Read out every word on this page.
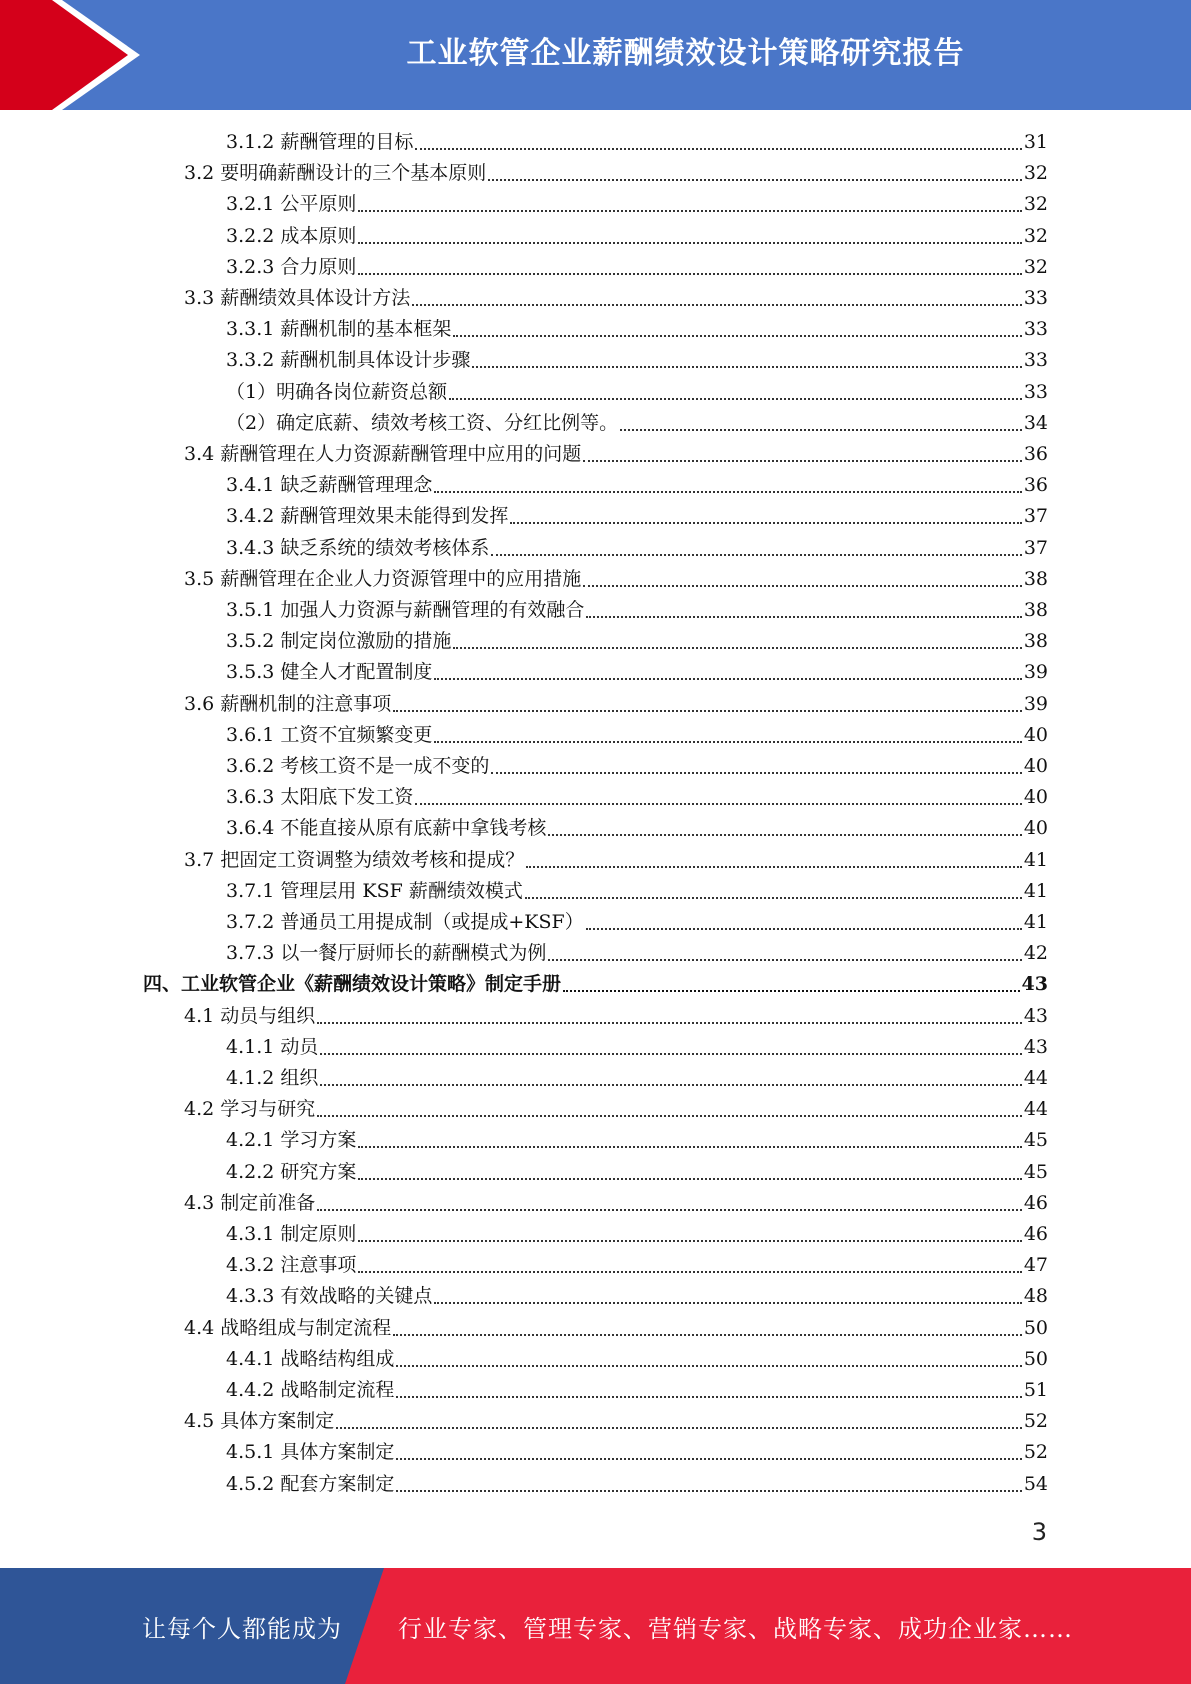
工业软管企业薪酬绩效设计策略研究报告
3.1.2 薪酬管理的目标	31
3.2 要明确薪酬设计的三个基本原则	32
3.2.1 公平原则	32
3.2.2 成本原则	32
3.2.3 合力原则	32
3.3 薪酬绩效具体设计方法	33
3.3.1 薪酬机制的基本框架	33
3.3.2 薪酬机制具体设计步骤	33
（1）明确各岗位薪资总额	33
（2）确定底薪、绩效考核工资、分红比例等。	34
3.4 薪酬管理在人力资源薪酬管理中应用的问题	36
3.4.1 缺乏薪酬管理理念	36
3.4.2 薪酬管理效果未能得到发挥	37
3.4.3 缺乏系统的绩效考核体系	37
3.5 薪酬管理在企业人力资源管理中的应用措施	38
3.5.1 加强人力资源与薪酬管理的有效融合	38
3.5.2 制定岗位激励的措施	38
3.5.3 健全人才配置制度	39
3.6 薪酬机制的注意事项	39
3.6.1 工资不宜频繁变更	40
3.6.2 考核工资不是一成不变的	40
3.6.3 太阳底下发工资	40
3.6.4 不能直接从原有底薪中拿钱考核	40
3.7 把固定工资调整为绩效考核和提成？	41
3.7.1 管理层用 KSF 薪酬绩效模式	41
3.7.2 普通员工用提成制（或提成+KSF）	41
3.7.3 以一餐厅厨师长的薪酬模式为例	42
四、工业软管企业《薪酬绩效设计策略》制定手册	43
4.1 动员与组织	43
4.1.1 动员	43
4.1.2 组织	44
4.2 学习与研究	44
4.2.1 学习方案	45
4.2.2 研究方案	45
4.3 制定前准备	46
4.3.1 制定原则	46
4.3.2 注意事项	47
4.3.3 有效战略的关键点	48
4.4 战略组成与制定流程	50
4.4.1 战略结构组成	50
4.4.2 战略制定流程	51
4.5 具体方案制定	52
4.5.1 具体方案制定	52
4.5.2 配套方案制定	54
3
让每个人都能成为 行业专家、管理专家、营销专家、战略专家、成功企业家……
